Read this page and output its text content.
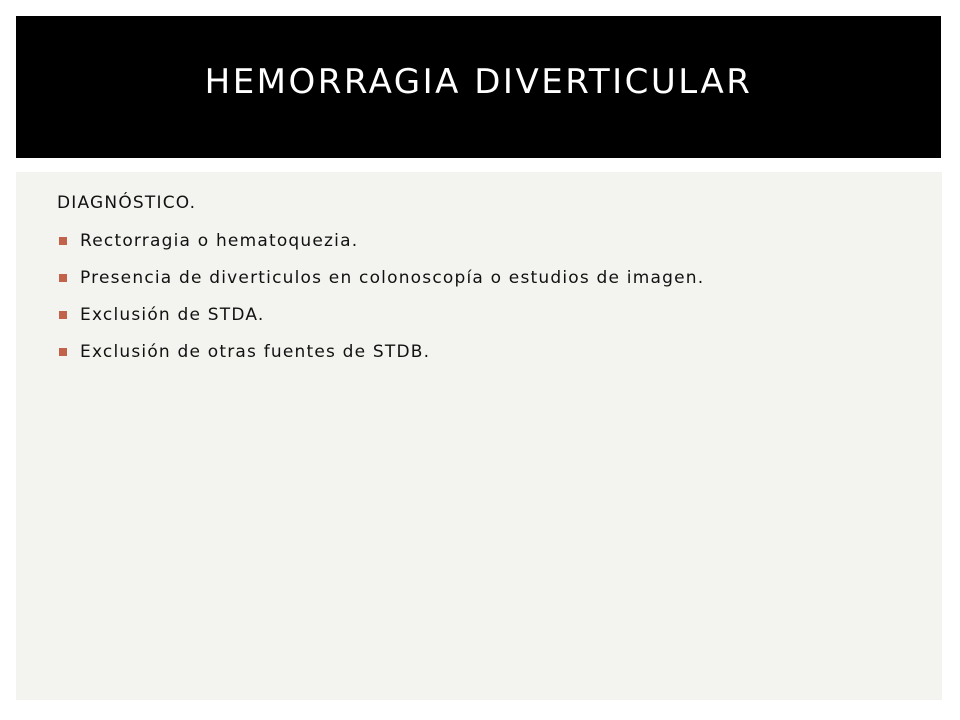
HEMORRAGIA DIVERTICULAR
DIAGNÓSTICO.
Rectorragia o hematoquezia.
Presencia de diverticulos en colonoscopía o estudios de imagen.
Exclusión de STDA.
Exclusión de otras fuentes de STDB.
